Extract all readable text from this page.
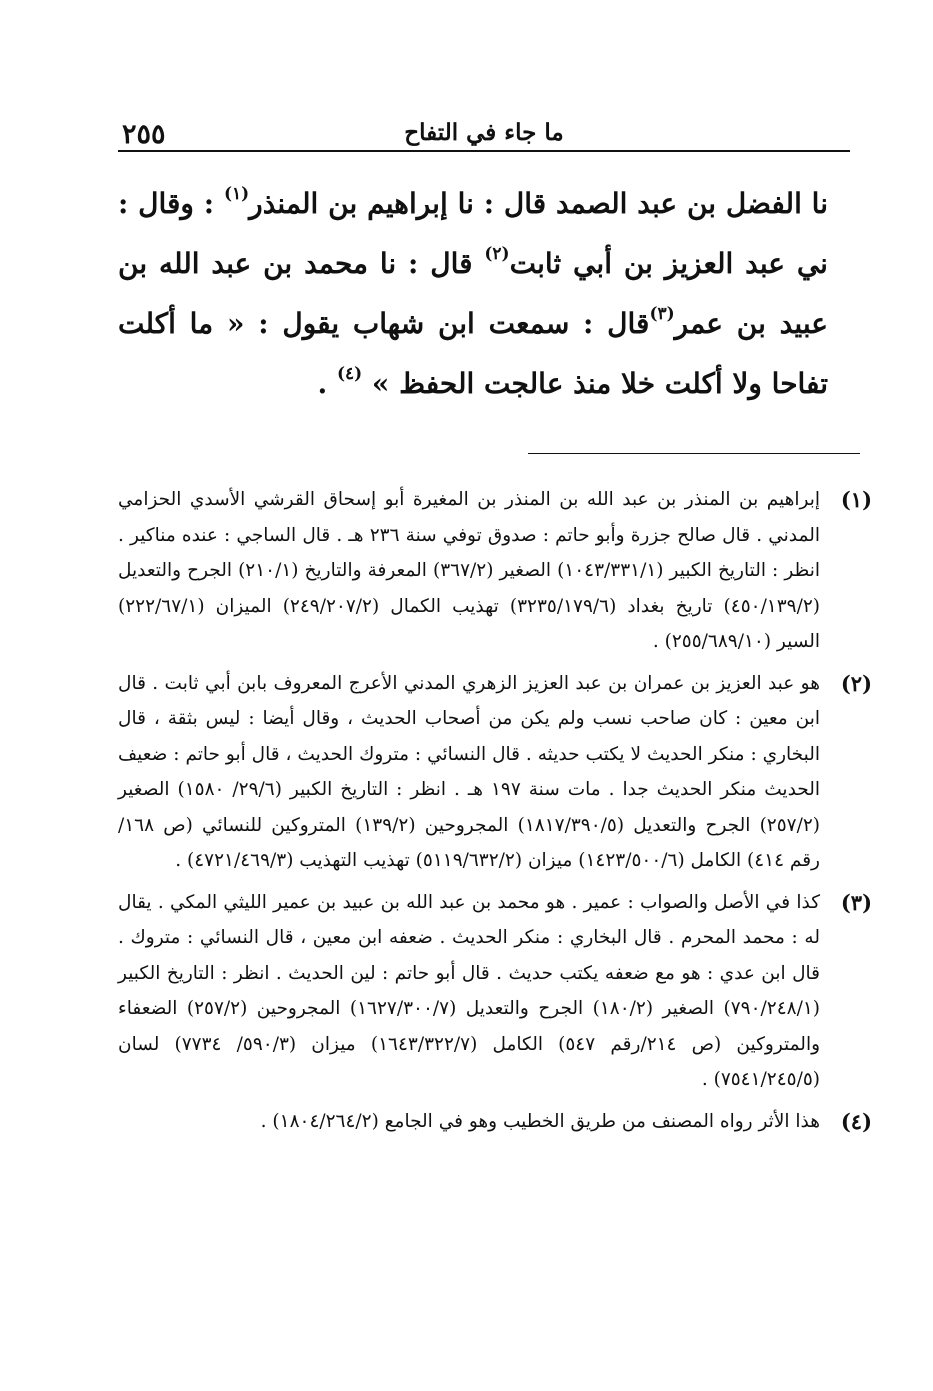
٢٥٥	ما جاء في التفاح

نا الفضل بن عبد الصمد قال : نا إبراهيم بن المنذر$^{(١)}$ : وقال : ني عبد العزيز بن أبي ثابت$^{(٢)}$ قال : نا محمد بن عبد الله بن عبيد بن عمر$^{(٣)}$قال : سمعت ابن شهاب يقول : « ما أكلت تفاحا ولا أكلت خلا منذ عالجت الحفظ » $^{(٤)}$ .

(١)
إبراهيم بن المنذر بن عبد الله بن المنذر بن المغيرة أبو إسحاق القرشي الأسدي الحزامي المدني . قال صالح جزرة وأبو حاتم : صدوق توفي سنة ٢٣٦ هـ . قال الساجي : عنده مناكير . انظر : التاريخ الكبير (١٠٤٣/٣٣١/١) الصغير (٣٦٧/٢) المعرفة والتاريخ (٢١٠/١) الجرح والتعديل (٤٥٠/١٣٩/٢) تاريخ بغداد (٣٢٣٥/١٧٩/٦) تهذيب الكمال (٢٤٩/٢٠٧/٢) الميزان (٢٢٢/٦٧/١) السير (٢٥٥/٦٨٩/١٠) .
(٢)
هو عبد العزيز بن عمران بن عبد العزيز الزهري المدني الأعرج المعروف بابن أبي ثابت . قال ابن معين : كان صاحب نسب ولم يكن من أصحاب الحديث ، وقال أيضا : ليس بثقة ، قال البخاري : منكر الحديث لا يكتب حديثه . قال النسائي : متروك الحديث ، قال أبو حاتم : ضعيف الحديث منكر الحديث جدا . مات سنة ١٩٧ هـ . انظر : التاريخ الكبير (٢٩/٦/ ١٥٨٠) الصغير (٢٥٧/٢) الجرح والتعديل (١٨١٧/٣٩٠/٥) المجروحين (١٣٩/٢) المتروكين للنسائي (ص ١٦٨/رقم ٤١٤) الكامل (١٤٢٣/٥٠٠/٦) ميزان (٥١١٩/٦٣٢/٢) تهذيب التهذيب (٤٧٢١/٤٦٩/٣) .
(٣)
كذا في الأصل والصواب : عمير . هو محمد بن عبد الله بن عبيد بن عمير الليثي المكي . يقال له : محمد المحرم . قال البخاري : منكر الحديث . ضعفه ابن معين ، قال النسائي : متروك . قال ابن عدي : هو مع ضعفه يكتب حديث . قال أبو حاتم : لين الحديث . انظر : التاريخ الكبير (٧٩٠/٢٤٨/١) الصغير (١٨٠/٢) الجرح والتعديل (١٦٢٧/٣٠٠/٧) المجروحين (٢٥٧/٢) الضعفاء والمتروكين (ص ٢١٤/رقم ٥٤٧) الكامل (١٦٤٣/٣٢٢/٧) ميزان (٥٩٠/٣/ ٧٧٣٤) لسان (٧٥٤١/٢٤٥/٥) .
(٤)
هذا الأثر رواه المصنف من طريق الخطيب وهو في الجامع (١٨٠٤/٢٦٤/٢) .
